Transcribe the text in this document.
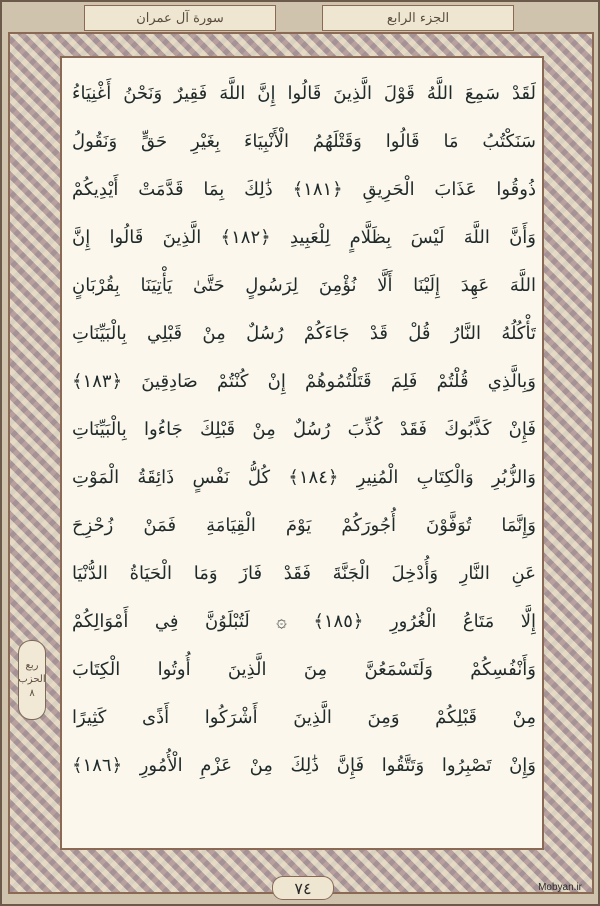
سورة آل عمران	الجزء الرابع
ربع
الحزب
٨
لَقَدْ سَمِعَ اللَّهُ قَوْلَ الَّذِينَ قَالُوا إِنَّ اللَّهَ فَقِيرٌ وَنَحْنُ أَغْنِيَاءُ
سَنَكْتُبُ مَا قَالُوا وَقَتْلَهُمُ الْأَنْبِيَاءَ بِغَيْرِ حَقٍّ وَنَقُولُ
ذُوقُوا عَذَابَ الْحَرِيقِ ﴿١٨١﴾ ذَٰلِكَ بِمَا قَدَّمَتْ أَيْدِيكُمْ
وَأَنَّ اللَّهَ لَيْسَ بِظَلَّامٍ لِلْعَبِيدِ ﴿١٨٢﴾ الَّذِينَ قَالُوا إِنَّ
اللَّهَ عَهِدَ إِلَيْنَا أَلَّا نُؤْمِنَ لِرَسُولٍ حَتَّىٰ يَأْتِيَنَا بِقُرْبَانٍ
تَأْكُلُهُ النَّارُ قُلْ قَدْ جَاءَكُمْ رُسُلٌ مِنْ قَبْلِي بِالْبَيِّنَاتِ
وَبِالَّذِي قُلْتُمْ فَلِمَ قَتَلْتُمُوهُمْ إِنْ كُنْتُمْ صَادِقِينَ ﴿١٨٣﴾
فَإِنْ كَذَّبُوكَ فَقَدْ كُذِّبَ رُسُلٌ مِنْ قَبْلِكَ جَاءُوا بِالْبَيِّنَاتِ
وَالزُّبُرِ وَالْكِتَابِ الْمُنِيرِ ﴿١٨٤﴾ كُلُّ نَفْسٍ ذَائِقَةُ الْمَوْتِ
وَإِنَّمَا تُوَفَّوْنَ أُجُورَكُمْ يَوْمَ الْقِيَامَةِ فَمَنْ زُحْزِحَ
عَنِ النَّارِ وَأُدْخِلَ الْجَنَّةَ فَقَدْ فَازَ وَمَا الْحَيَاةُ الدُّنْيَا
إِلَّا مَتَاعُ الْغُرُورِ ﴿١٨٥﴾ ۞ لَتُبْلَوُنَّ فِي أَمْوَالِكُمْ
وَأَنْفُسِكُمْ وَلَتَسْمَعُنَّ مِنَ الَّذِينَ أُوتُوا الْكِتَابَ
مِنْ قَبْلِكُمْ وَمِنَ الَّذِينَ أَشْرَكُوا أَذًى كَثِيرًا
وَإِنْ تَصْبِرُوا وَتَتَّقُوا فَإِنَّ ذَٰلِكَ مِنْ عَزْمِ الْأُمُورِ ﴿١٨٦﴾
٧٤	Mobyan.ir
